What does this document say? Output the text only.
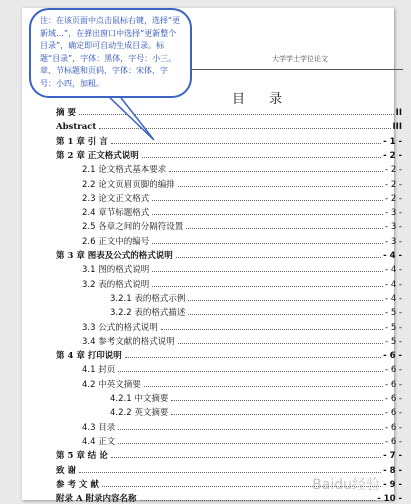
大学学士学位论文
目 录
摘 要	II
Abstract	III
第 1 章 引 言	- 1 -
第 2 章 正文格式说明	- 2 -
2.1 论文格式基本要求	- 2 -
2.2 论文页眉页脚的编排	- 2 -
2.3 论文正文格式	- 2 -
2.4 章节标题格式	- 3 -
2.5 各章之间的分隔符设置	- 3 -
2.6 正文中的编号	- 3 -
第 3 章 图表及公式的格式说明	- 4 -
3.1 图的格式说明	- 4 -
3.2 表的格式说明	- 4 -
3.2.1 表的格式示例	- 4 -
3.2.2 表的格式描述	- 5 -
3.3 公式的格式说明	- 5 -
3.4 参考文献的格式说明	- 5 -
第 4 章 打印说明	- 6 -
4.1 封页	- 6 -
4.2 中英文摘要	- 6 -
4.2.1 中文摘要	- 6 -
4.2.2 英文摘要	- 6 -
4.3 目录	- 6 -
4.4 正文	- 6 -
第 5 章 结 论	- 7 -
致 谢	- 8 -
参 考 文 献	- 9 -
附录 A 附录内容名称	- 10 -
Baidu经验
注：在该页面中点击鼠标右键，选择“更新域…”，在弹出窗口中选择“更新整个目录”，确定即可自动生成目录。标题“目录”，字体：黑体，字号：小三。章、节标题和页码，字体：宋体，字号：小四，加粗。
